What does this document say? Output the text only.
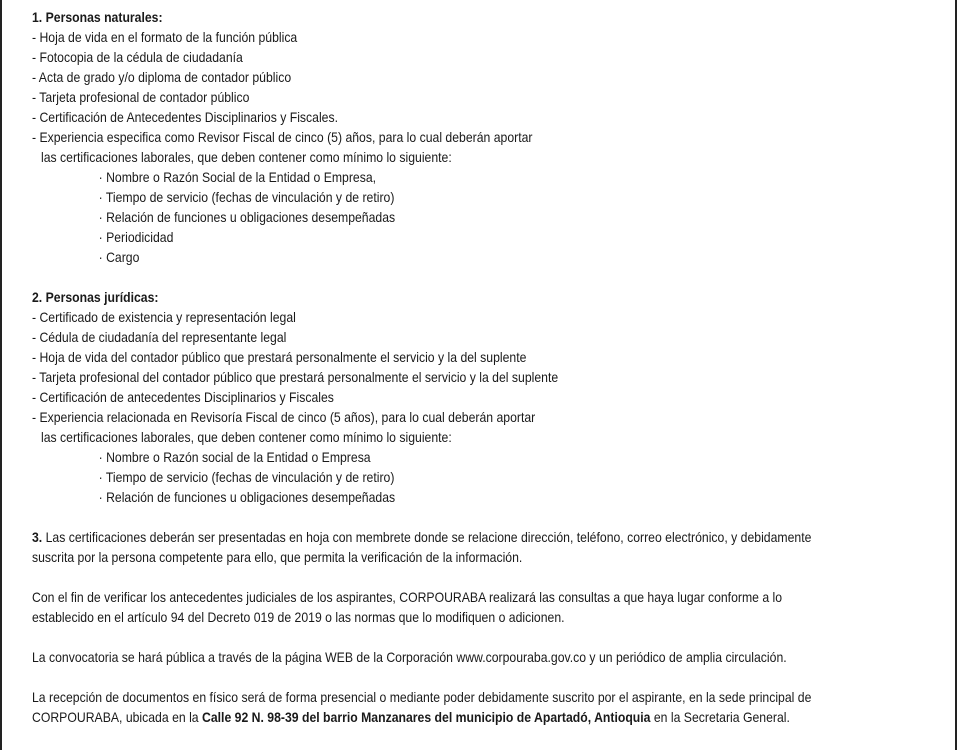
1. Personas naturales:
- Hoja de vida en el formato de la función pública
- Fotocopia de la cédula de ciudadanía
- Acta de grado y/o diploma de contador público
- Tarjeta profesional de contador público
- Certificación de Antecedentes Disciplinarios y Fiscales.
- Experiencia especifica como Revisor Fiscal de cinco (5) años, para lo cual deberán aportar
las certificaciones laborales, que deben contener como mínimo lo siguiente:
· Nombre o Razón Social de la Entidad o Empresa,
· Tiempo de servicio (fechas de vinculación y de retiro)
· Relación de funciones u obligaciones desempeñadas
· Periodicidad
· Cargo
2. Personas jurídicas:
- Certificado de existencia y representación legal
- Cédula de ciudadanía del representante legal
- Hoja de vida del contador público que prestará personalmente el servicio y la del suplente
- Tarjeta profesional del contador público que prestará personalmente el servicio y la del suplente
- Certificación de antecedentes Disciplinarios y Fiscales
- Experiencia relacionada en Revisoría Fiscal de cinco (5 años), para lo cual deberán aportar
las certificaciones laborales, que deben contener como mínimo lo siguiente:
· Nombre o Razón social de la Entidad o Empresa
· Tiempo de servicio (fechas de vinculación y de retiro)
· Relación de funciones u obligaciones desempeñadas
3. Las certificaciones deberán ser presentadas en hoja con membrete donde se relacione dirección, teléfono, correo electrónico, y debidamente
suscrita por la persona competente para ello, que permita la verificación de la información.
Con el fin de verificar los antecedentes judiciales de los aspirantes, CORPOURABA realizará las consultas a que haya lugar conforme a lo
establecido en el artículo 94 del Decreto 019 de 2019 o las normas que lo modifiquen o adicionen.
La convocatoria se hará pública a través de la página WEB de la Corporación www.corpouraba.gov.co y un periódico de amplia circulación.
La recepción de documentos en físico será de forma presencial o mediante poder debidamente suscrito por el aspirante, en la sede principal de
CORPOURABA, ubicada en la Calle 92 N. 98-39 del barrio Manzanares del municipio de Apartadó, Antioquia en la Secretaria General.
